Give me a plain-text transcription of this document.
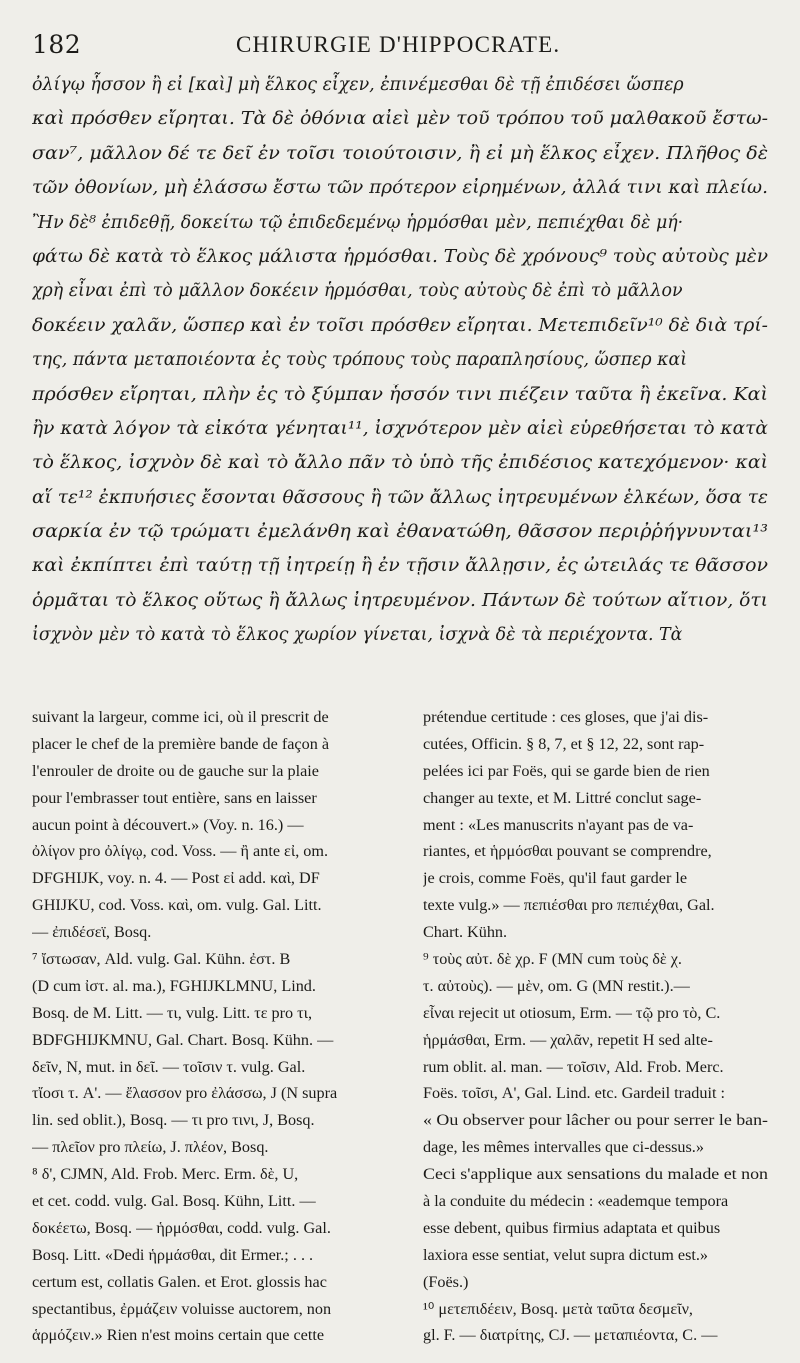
182	CHIRURGIE D'HIPPOCRATE.
ὀλίγῳ ἧσσον ἢ εἰ [καὶ] μὴ ἕλκος εἶχεν, ἐπινέμεσθαι δὲ τῇ ἐπιδέσει ὥσπερ
καὶ πρόσθεν εἴρηται. Τὰ δὲ ὀθόνια αἰεὶ μὲν τοῦ τρόπου τοῦ μαλθακοῦ ἔστω-
σαν⁷, μᾶλλον δέ τε δεῖ ἐν τοῖσι τοιούτοισιν, ἢ εἰ μὴ ἕλκος εἶχεν. Πλῆθος δὲ
τῶν ὀθονίων, μὴ ἐλάσσω ἔστω τῶν πρότερον εἰρημένων, ἀλλά τινι καὶ πλείω.
Ἢν δὲ⁸ ἐπιδεθῇ, δοκείτω τῷ ἐπιδεδεμένῳ ἡρμόσθαι μὲν, πεπιέχθαι δὲ μή·
φάτω δὲ κατὰ τὸ ἕλκος μάλιστα ἡρμόσθαι. Τοὺς δὲ χρόνους⁹ τοὺς αὐτοὺς μὲν
χρὴ εἶναι ἐπὶ τὸ μᾶλλον δοκέειν ἡρμόσθαι, τοὺς αὐτοὺς δὲ ἐπὶ τὸ μᾶλλον
δοκέειν χαλᾶν, ὥσπερ καὶ ἐν τοῖσι πρόσθεν εἴρηται. Μετεπιδεῖν¹⁰ δὲ διὰ τρί-
της, πάντα μεταποιέοντα ἐς τοὺς τρόπους τοὺς παραπλησίους, ὥσπερ καὶ
πρόσθεν εἴρηται, πλὴν ἐς τὸ ξύμπαν ἧσσόν τινι πιέζειν ταῦτα ἢ ἐκεῖνα. Καὶ
ἢν κατὰ λόγον τὰ εἰκότα γένηται¹¹, ἰσχνότερον μὲν αἰεὶ εὑρεθήσεται τὸ κατὰ
τὸ ἕλκος, ἰσχνὸν δὲ καὶ τὸ ἄλλο πᾶν τὸ ὑπὸ τῆς ἐπιδέσιος κατεχόμενον· καὶ
αἵ τε¹² ἐκπυήσιες ἔσονται θᾶσσους ἢ τῶν ἄλλως ἰητρευμένων ἑλκέων, ὅσα τε
σαρκία ἐν τῷ τρώματι ἐμελάνθη καὶ ἐθανατώθη, θᾶσσον περιῤῥήγνυνται¹³
καὶ ἐκπίπτει ἐπὶ ταύτῃ τῇ ἰητρείῃ ἢ ἐν τῇσιν ἄλλῃσιν, ἐς ὠτειλάς τε θᾶσσον
ὁρμᾶται τὸ ἕλκος οὕτως ἢ ἄλλως ἰητρευμένον. Πάντων δὲ τούτων αἴτιον, ὅτι
ἰσχνὸν μὲν τὸ κατὰ τὸ ἕλκος χωρίον γίνεται, ἰσχνὰ δὲ τὰ περιέχοντα. Τὰ
suivant la largeur, comme ici, où il prescrit de
placer le chef de la première bande de façon à
l'enrouler de droite ou de gauche sur la plaie
pour l'embrasser tout entière, sans en laisser
aucun point à découvert.» (Voy. n. 16.) —
ὀλίγον pro ὀλίγῳ, cod. Voss. — ἢ ante εἰ, om.
DFGHIJK, voy. n. 4. — Post εἰ add. καὶ, DF
GHIJKU, cod. Voss. καὶ, om. vulg. Gal. Litt.
— ἐπιδέσεϊ, Bosq.
⁷ ἴστωσαν, Ald. vulg. Gal. Kühn. ἐστ. B
(D cum ἰστ. al. ma.), FGHIJKLMNU, Lind.
Bosq. de M. Litt. — τι, vulg. Litt. τε pro τι,
BDFGHIJKMNU, Gal. Chart. Bosq. Kühn. —
δεῖν, N, mut. in δεῖ. — τοῖσιν τ. vulg. Gal.
τἴοσι τ. A'. — ἔλασσον pro ἐλάσσω, J (N supra
lin. sed oblit.), Bosq. — τι pro τινι, J, Bosq.
— πλεῖον pro πλείω, J. πλέον, Bosq.
⁸ δ', CJMN, Ald. Frob. Merc. Erm. δὲ, U,
et cet. codd. vulg. Gal. Bosq. Kühn, Litt. —
δοκέετω, Bosq. — ἡρμόσθαι, codd. vulg. Gal.
Bosq. Litt. «Dedi ἡρμάσθαι, dit Ermer.; . . .
certum est, collatis Galen. et Erot. glossis hac
spectantibus, ἐρμάζειν voluisse auctorem, non
ἁρμόζειν.» Rien n'est moins certain que cette
prétendue certitude : ces gloses, que j'ai dis-
cutées, Officin. § 8, 7, et § 12, 22, sont rap-
pelées ici par Foës, qui se garde bien de rien
changer au texte, et M. Littré conclut sage-
ment : «Les manuscrits n'ayant pas de va-
riantes, et ἡρμόσθαι pouvant se comprendre,
je crois, comme Foës, qu'il faut garder le
texte vulg.» — πεπιέσθαι pro πεπιέχθαι, Gal.
Chart. Kühn.
⁹ τοὺς αὐτ. δὲ χρ. F (MN cum τοὺς δὲ χ.
τ. αὐτοὺς). — μὲν, om. G (MN restit.).—
εἶναι rejecit ut otiosum, Erm. — τῷ pro τὸ, C.
ἡρμάσθαι, Erm. — χαλᾶν, repetit H sed alte-
rum oblit. al. man. — τοῖσιν, Ald. Frob. Merc.
Foës. τοῖσι, A', Gal. Lind. etc. Gardeil traduit :
« Ou observer pour lâcher ou pour serrer le ban-
dage, les mêmes intervalles que ci-dessus.»
Ceci s'applique aux sensations du malade et non
à la conduite du médecin : «eademque tempora
esse debent, quibus firmius adaptata et quibus
laxiora esse sentiat, velut supra dictum est.»
(Foës.)
¹⁰ μετεπιδέειν, Bosq. μετὰ ταῦτα δεσμεῖν,
gl. F. — διατρίτης, CJ. — μεταπιέοντα, C. —
